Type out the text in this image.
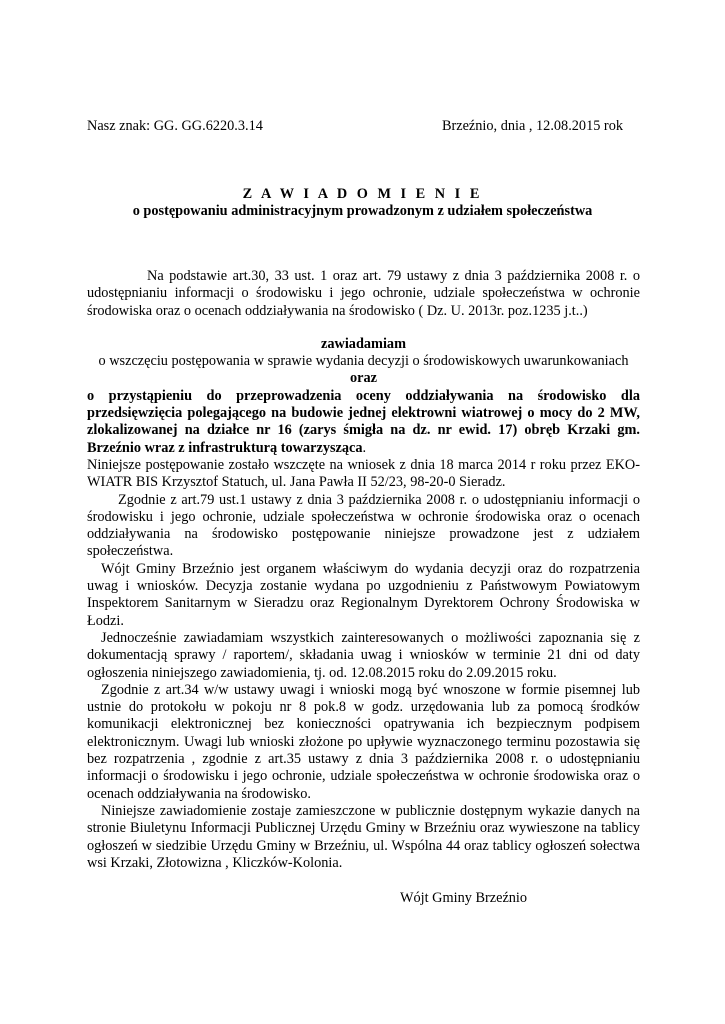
Nasz znak: GG. GG.6220.3.14	Brzeźnio, dnia , 12.08.2015 rok
Z A W I A D O M I E N I E
o postępowaniu administracyjnym prowadzonym z udziałem społeczeństwa

Na podstawie art.30, 33 ust. 1 oraz art. 79 ustawy z dnia 3 października 2008 r. o udostępnianiu informacji o środowisku i jego ochronie, udziale społeczeństwa w ochronie środowiska oraz o ocenach oddziaływania na środowisko ( Dz. U. 2013r. poz.1235 j.t..)

zawiadamiam

o wszczęciu postępowania w sprawie wydania decyzji o środowiskowych uwarunkowaniach

oraz

o przystąpieniu do przeprowadzenia oceny oddziaływania na środowisko dla przedsięwzięcia polegającego na budowie jednej elektrowni wiatrowej o mocy do 2 MW, zlokalizowanej na działce nr 16 (zarys śmigła na dz. nr ewid. 17) obręb Krzaki gm. Brzeźnio wraz z infrastrukturą towarzysząca.

Niniejsze postępowanie zostało wszczęte na wniosek z dnia 18 marca 2014 r roku przez EKO-WIATR BIS Krzysztof Statuch, ul. Jana Pawła II 52/23, 98-20-0 Sieradz.

Zgodnie z art.79 ust.1 ustawy z dnia 3 października 2008 r. o udostępnianiu informacji o środowisku i jego ochronie, udziale społeczeństwa w ochronie środowiska oraz o ocenach oddziaływania na środowisko postępowanie niniejsze prowadzone jest z udziałem społeczeństwa.

Wójt Gminy Brzeźnio jest organem właściwym do wydania decyzji oraz do rozpatrzenia uwag i wniosków. Decyzja zostanie wydana po uzgodnieniu z Państwowym Powiatowym Inspektorem Sanitarnym w Sieradzu oraz Regionalnym Dyrektorem Ochrony Środowiska w Łodzi.

Jednocześnie zawiadamiam wszystkich zainteresowanych o możliwości zapoznania się z dokumentacją sprawy / raportem/, składania uwag i wniosków w terminie 21 dni od daty ogłoszenia niniejszego zawiadomienia, tj. od. 12.08.2015 roku do 2.09.2015 roku.

Zgodnie z art.34 w/w ustawy uwagi i wnioski mogą być wnoszone w formie pisemnej lub ustnie do protokołu w pokoju nr 8 pok.8 w godz. urzędowania lub za pomocą środków komunikacji elektronicznej bez konieczności opatrywania ich bezpiecznym podpisem elektronicznym. Uwagi lub wnioski złożone po upływie wyznaczonego terminu pozostawia się bez rozpatrzenia , zgodnie z art.35 ustawy z dnia 3 października 2008 r. o udostępnianiu informacji o środowisku i jego ochronie, udziale społeczeństwa w ochronie środowiska oraz o ocenach oddziaływania na środowisko.

Niniejsze zawiadomienie zostaje zamieszczone w publicznie dostępnym wykazie danych na stronie Biuletynu Informacji Publicznej Urzędu Gminy w Brzeźniu oraz wywieszone na tablicy ogłoszeń w siedzibie Urzędu Gminy w Brzeźniu, ul. Wspólna 44 oraz tablicy ogłoszeń sołectwa wsi Krzaki, Złotowizna , Kliczków-Kolonia.

Wójt Gminy Brzeźnio
